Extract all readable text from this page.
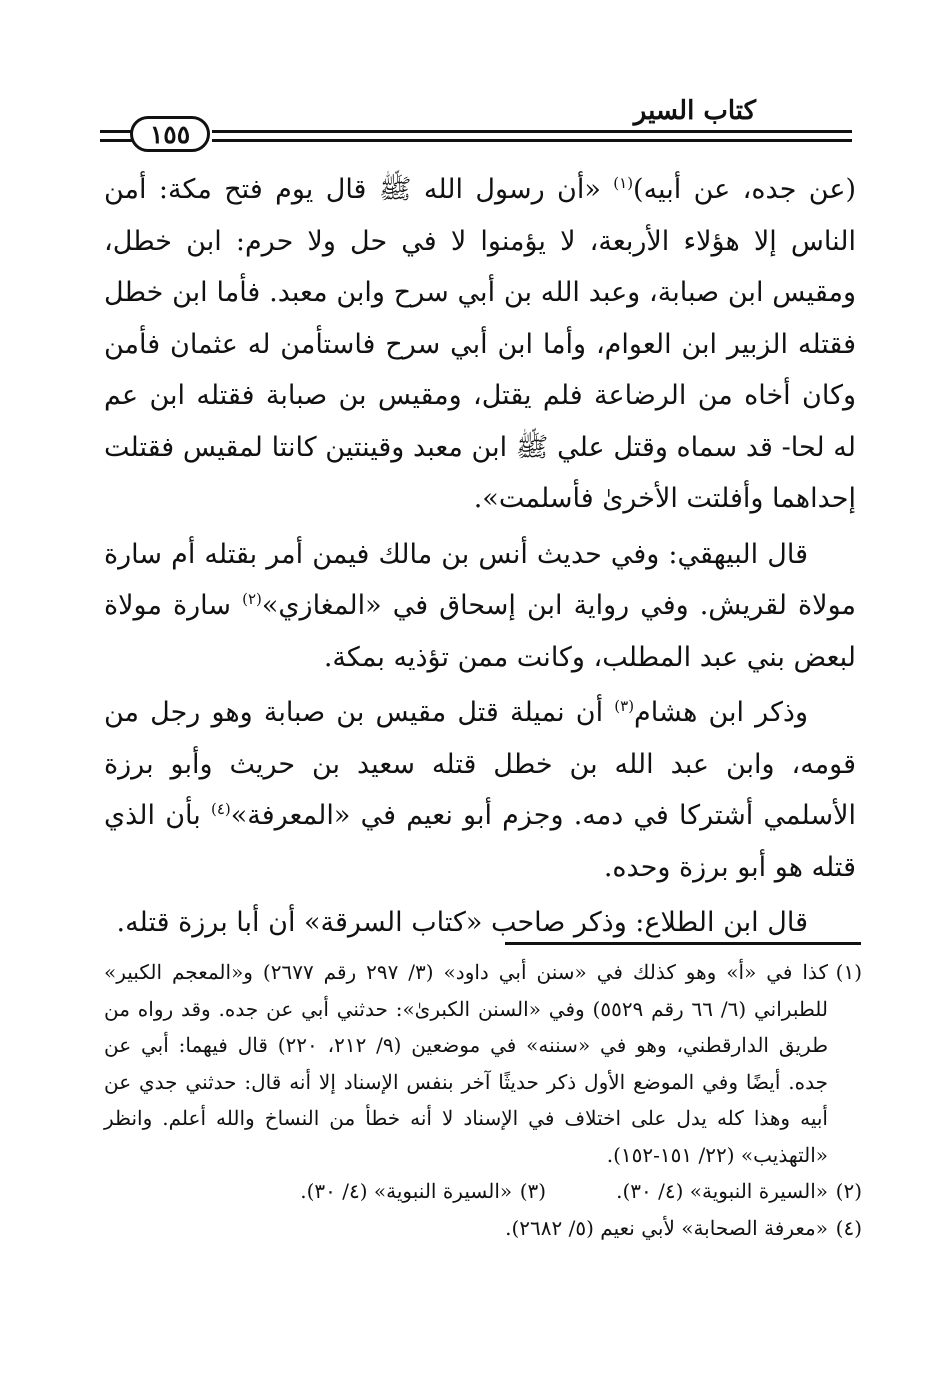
كتاب السير
١٥٥

(عن جده، عن أبيه)$^{(١)}$ «أن رسول الله ﷺ قال يوم فتح مكة: أمن الناس إلا هؤلاء الأربعة، لا يؤمنوا لا في حل ولا حرم: ابن خطل، ومقيس ابن صبابة، وعبد الله بن أبي سرح وابن معبد. فأما ابن خطل فقتله الزبير ابن العوام، وأما ابن أبي سرح فاستأمن له عثمان فأمن وكان أخاه من الرضاعة فلم يقتل، ومقيس بن صبابة فقتله ابن عم له لحا- قد سماه وقتل علي ﷺ ابن معبد وقينتين كانتا لمقيس فقتلت إحداهما وأفلتت الأخرىٰ فأسلمت».

قال البيهقي: وفي حديث أنس بن مالك فيمن أمر بقتله أم سارة مولاة لقريش. وفي رواية ابن إسحاق في «المغازي»$^{(٢)}$ سارة مولاة لبعض بني عبد المطلب، وكانت ممن تؤذيه بمكة.

وذكر ابن هشام$^{(٣)}$ أن نميلة قتل مقيس بن صبابة وهو رجل من قومه، وابن عبد الله بن خطل قتله سعيد بن حريث وأبو برزة الأسلمي أشتركا في دمه. وجزم أبو نعيم في «المعرفة»$^{(٤)}$ بأن الذي قتله هو أبو برزة وحده.

قال ابن الطلاع: وذكر صاحب «كتاب السرقة» أن أبا برزة قتله.

(١)
كذا في «أ» وهو كذلك في «سنن أبي داود» (٣/ ٢٩٧ رقم ٢٦٧٧) و«المعجم الكبير» للطبراني (٦/ ٦٦ رقم ٥٥٢٩) وفي «السنن الكبرىٰ»: حدثني أبي عن جده. وقد رواه من طريق الدارقطني، وهو في «سننه» في موضعين (٩/ ٢١٢، ٢٢٠) قال فيهما: أبي عن جده. أيضًا وفي الموضع الأول ذكر حديثًا آخر بنفس الإسناد إلا أنه قال: حدثني جدي عن أبيه وهذا كله يدل على اختلاف في الإسناد لا أنه خطأ من النساخ والله أعلم. وانظر «التهذيب» (٢٢/ ١٥١-١٥٢).

(٢)
«السيرة النبوية» (٤/ ٣٠).

(٣)
«السيرة النبوية» (٤/ ٣٠).

(٤)
«معرفة الصحابة» لأبي نعيم (٥/ ٢٦٨٢).
